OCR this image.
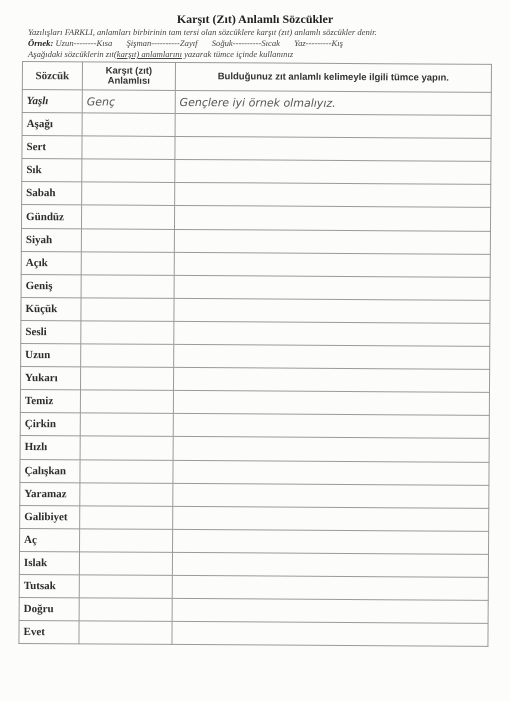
Karşıt (Zıt) Anlamlı Sözcükler
Yazılışları FARKLI, anlamları birbirinin tam tersi olan sözcüklere karşıt (zıt) anlamlı sözcükler denir.
Örnek: Uzun--------Kısa Şişman----------Zayıf Soğuk----------Sıcak Yaz---------Kış
Aşağıdaki sözcüklerin zıt(karşıt) anlamlarını yazarak tümce içinde kullanınız
Sözcük	Karşıt (zıt) Anlamlısı	Bulduğunuz zıt anlamlı kelimeyle ilgili tümce yapın.
Yaşlı	Genç	Gençlere iyi örnek olmalıyız.
Aşağı		
Sert		
Sık		
Sabah		
Gündüz		
Siyah		
Açık		
Geniş		
Küçük		
Sesli		
Uzun		
Yukarı		
Temiz		
Çirkin		
Hızlı		
Çalışkan		
Yaramaz		
Galibiyet		
Aç		
Islak		
Tutsak		
Doğru		
Evet		
